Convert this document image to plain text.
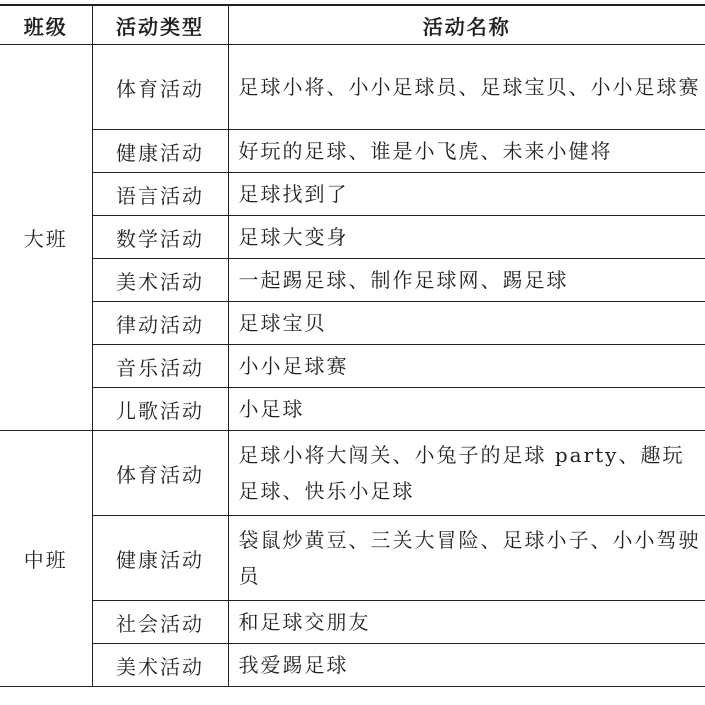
班级	活动类型	活动名称
大班	体育活动	足球小将、小小足球员、足球宝贝、小小足球赛
	健康活动	好玩的足球、谁是小飞虎、未来小健将
	语言活动	足球找到了
	数学活动	足球大变身
	美术活动	一起踢足球、制作足球网、踢足球
	律动活动	足球宝贝
	音乐活动	小小足球赛
	儿歌活动	小足球
中班	体育活动	足球小将大闯关、小兔子的足球 party、趣玩足球、快乐小足球
	健康活动	袋鼠炒黄豆、三关大冒险、足球小子、小小驾驶员
	社会活动	和足球交朋友
	美术活动	我爱踢足球
